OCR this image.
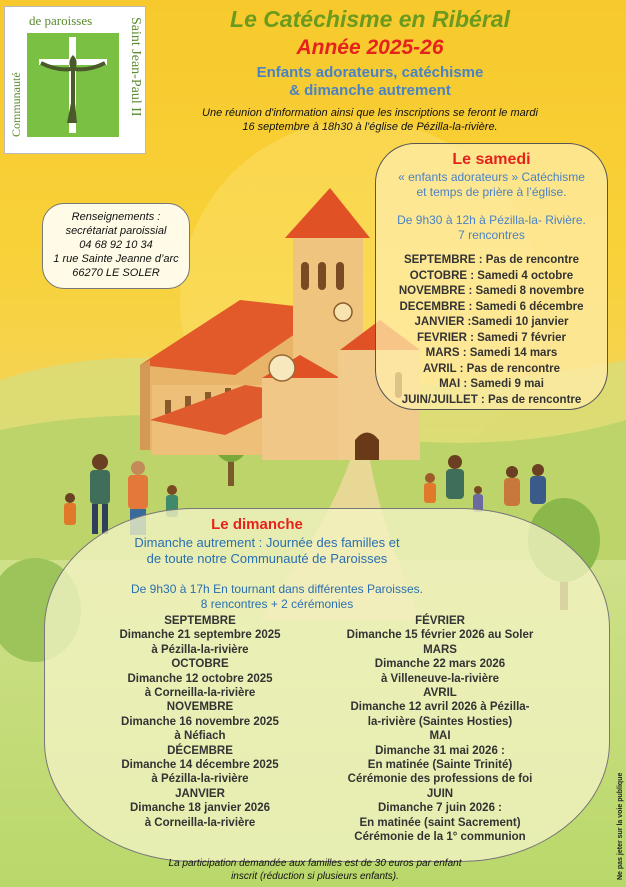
de paroisses
Communauté	Saint Jean-Paul II	Le Catéchisme en Ribéral
Année 2025-26
Enfants adorateurs, catéchisme
& dimanche autrement
Une réunion d'information ainsi que les inscriptions se feront le mardi
16 septembre à 18h30 à l'église de Pézilla-la-rivière.
Renseignements :
secrétariat paroissial
04 68 92 10 34
1 rue Sainte Jeanne d’arc
66270 LE SOLER
Le samedi
« enfants adorateurs » Catéchisme
et temps de prière à l’église.
De 9h30 à 12h à Pézilla-la- Rivière.
7 rencontres
SEPTEMBRE : Pas de rencontre
OCTOBRE : Samedi 4 octobre
NOVEMBRE : Samedi 8 novembre
DECEMBRE : Samedi 6 décembre
JANVIER :Samedi 10 janvier
FEVRIER : Samedi 7 février
MARS : Samedi 14 mars
AVRIL : Pas de rencontre
MAI : Samedi 9 mai
JUIN/JUILLET : Pas de rencontre
Le dimanche
Dimanche autrement : Journée des familles et
de toute notre Communauté de Paroisses
De 9h30 à 17h En tournant dans différentes Paroisses.
8 rencontres + 2 cérémonies
SEPTEMBRE
Dimanche 21 septembre 2025
à Pézilla-la-rivière
OCTOBRE
Dimanche 12 octobre 2025
à Corneilla-la-rivière
NOVEMBRE
Dimanche 16 novembre 2025
à Néfiach
DÉCEMBRE
Dimanche 14 décembre 2025
à Pézilla-la-rivière
JANVIER
Dimanche 18 janvier 2026
à Corneilla-la-rivière
FÉVRIER
Dimanche 15 février 2026 au Soler
MARS
Dimanche 22 mars 2026
à Villeneuve-la-rivière
AVRIL
Dimanche 12 avril 2026 à Pézilla-
la-rivière (Saintes Hosties)
MAI
Dimanche 31 mai 2026 :
En matinée (Sainte Trinité)
Cérémonie des professions de foi
JUIN
Dimanche 7 juin 2026 :
En matinée (saint Sacrement)
Cérémonie de la 1° communion
La participation demandée aux familles est de 30 euros par enfant
inscrit (réduction si plusieurs enfants).	Ne pas jeter sur la voie publique
